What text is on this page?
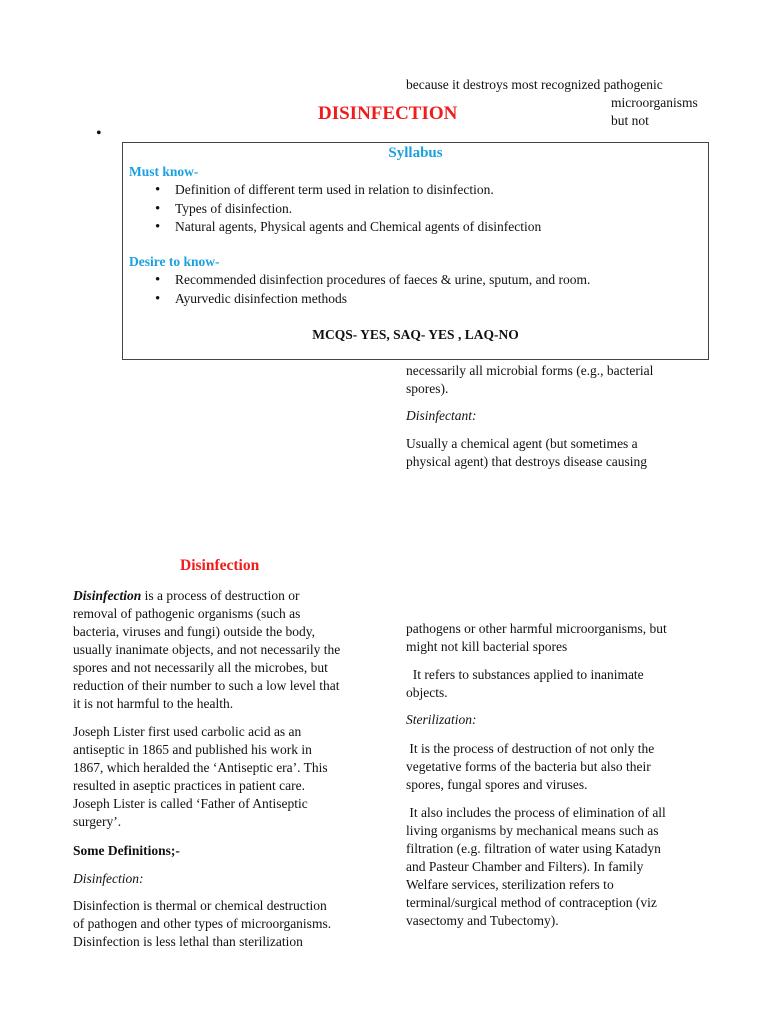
because it destroys most recognized pathogenic
microorganisms
but not
DISINFECTION
•
Syllabus
Must know-
• Definition of different term used in relation to disinfection.
• Types of disinfection.
• Natural agents, Physical agents and Chemical agents of disinfection
Desire to know-
• Recommended disinfection procedures of faeces & urine, sputum, and room.
• Ayurvedic disinfection methods
MCQS- YES, SAQ- YES , LAQ-NO
necessarily all microbial forms (e.g., bacterial
spores).
Disinfectant:
Usually a chemical agent (but sometimes a
physical agent) that destroys disease causing
Disinfection
Disinfection is a process of destruction or
removal of pathogenic organisms (such as
bacteria, viruses and fungi) outside the body,
usually inanimate objects, and not necessarily the
spores and not necessarily all the microbes, but
reduction of their number to such a low level that
it is not harmful to the health.
Joseph Lister first used carbolic acid as an
antiseptic in 1865 and published his work in
1867, which heralded the ‘Antiseptic era’. This
resulted in aseptic practices in patient care.
Joseph Lister is called ‘Father of Antiseptic
surgery’.
Some Definitions;-
Disinfection:
Disinfection is thermal or chemical destruction
of pathogen and other types of microorganisms.
Disinfection is less lethal than sterilization
pathogens or other harmful microorganisms, but
might not kill bacterial spores
It refers to substances applied to inanimate
objects.
Sterilization:
It is the process of destruction of not only the
vegetative forms of the bacteria but also their
spores, fungal spores and viruses.
It also includes the process of elimination of all
living organisms by mechanical means such as
filtration (e.g. filtration of water using Katadyn
and Pasteur Chamber and Filters). In family
Welfare services, sterilization refers to
terminal/surgical method of contraception (viz
vasectomy and Tubectomy).
